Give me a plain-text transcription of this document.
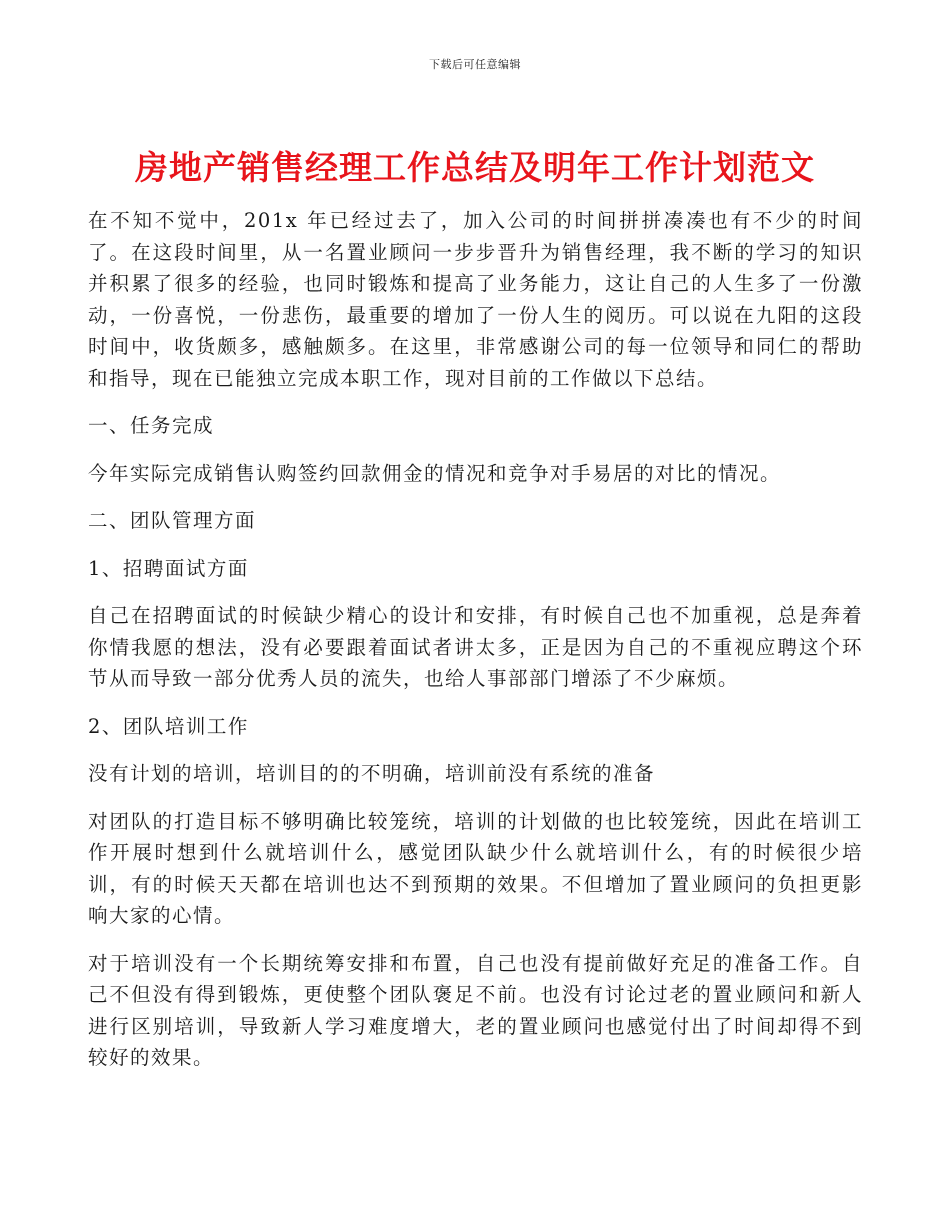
下载后可任意编辑
房地产销售经理工作总结及明年工作计划范文

在不知不觉中，201x 年已经过去了，加入公司的时间拼拼凑凑也有不少的时间了。在这段时间里，从一名置业顾问一步步晋升为销售经理，我不断的学习的知识并积累了很多的经验，也同时锻炼和提高了业务能力，这让自己的人生多了一份激动，一份喜悦，一份悲伤，最重要的增加了一份人生的阅历。可以说在九阳的这段时间中，收货颇多，感触颇多。在这里，非常感谢公司的每一位领导和同仁的帮助和指导，现在已能独立完成本职工作，现对目前的工作做以下总结。

一、任务完成

今年实际完成销售认购签约回款佣金的情况和竞争对手易居的对比的情况。

二、团队管理方面

1、招聘面试方面

自己在招聘面试的时候缺少精心的设计和安排，有时候自己也不加重视，总是奔着你情我愿的想法，没有必要跟着面试者讲太多，正是因为自己的不重视应聘这个环节从而导致一部分优秀人员的流失，也给人事部部门增添了不少麻烦。

2、团队培训工作

没有计划的培训，培训目的的不明确，培训前没有系统的准备

对团队的打造目标不够明确比较笼统，培训的计划做的也比较笼统，因此在培训工作开展时想到什么就培训什么，感觉团队缺少什么就培训什么，有的时候很少培训，有的时候天天都在培训也达不到预期的效果。不但增加了置业顾问的负担更影响大家的心情。

对于培训没有一个长期统筹安排和布置，自己也没有提前做好充足的准备工作。自己不但没有得到锻炼，更使整个团队褒足不前。也没有讨论过老的置业顾问和新人进行区别培训，导致新人学习难度增大，老的置业顾问也感觉付出了时间却得不到较好的效果。
